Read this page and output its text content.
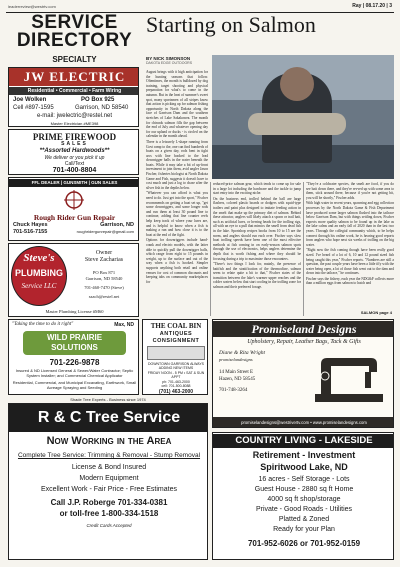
leaderreview@westrtv.com	Ray | 08.17.20 | 3
SERVICE
DIRECTORY
SPECIALTY
JW ELECTRIC
Residential • Commercial • Farm Wiring
Joe Wolken	PO Box 925
Cell #897-1595	Garrison, ND 58540
e-mail: jwelectric@restel.net
Master Electrician #ME398
PRIME FIREWOOD
SALES
**Assorted Hardwoods**
We deliver or you pick it up
Call/Text
701-400-8804
FFL DEALER | GUNSMITH | GUN SALES
Rough Rider Gun Repair
Chuck Hayes	Garrison, ND
701-516-7155	roughridergunrepair@gmail.com
Steve's
PLUMBING
Service LLC
Owner
Steve Zacharias
PO Box 871
Garrison, ND 58540
701-460-7470 (Steve)
szach@restel.net
Master Plumbing License #M60
"Taking the time to do it right"	Max, ND
WILD PRAIRIE
SOLUTIONS
701-226-9878
Insured & ND Licensed General & Sewer/Water Contractor; Septic System Installer; and Commercial Chemical Applicator
Residential, Commercial, and Municipal Excavating, Earthwork, Small Acreage Spraying and Seeding
THE COAL BIN
ANTIQUES
CONSIGNMENT
DOWNTOWN GARRISON ALWAYS ADDING NEW ITEMS
FRIDAY NOON - 5 PM • SAT & SUN APPT
ph: 701-463-2000
cell: 701-500-8088
(701) 463-2000
Shade Tree Experts - Business since 1974
R & C Tree Service
Now Working in the Area
Complete Tree Service: Trimming & Removal - Stump Removal
License & Bond Insured
Modern Equipment
Excellent Work - Fair Price - Free Estimates
Call J.P. Roberge 701-334-0381
or toll-free 1-800-334-1518
Credit Cards Accepted
Starting on Salmon
BY NICK SIMONSON
DAKOTA EDGE OUTDOORS

August brings with it high anticipation for the hunting seasons that follow. Oftentimes, the month is bulldozed by dog training, target shooting and physical preparation for what's to come in the autumn. But in the heat of summer's sweet spot, many sportsmen of all stripes know that action is picking up for salmon fishing opportunity in North Dakota along the face of Garrison Dam and the southern stretches of Lake Sakakawea. The month for chinook salmon fills the gap between the end of July and whatever opening day for our upland or ducks - is circled on the calendar in the month ahead.

There is a leisurely L-shape running from Govt ramp to the, one can find hundreds of boats on a given day, rods bent in tight arcs with line hooked to the lead downrigger balls in the water beneath the boats. While it may take a bit of up-front investment to join them, avid angler Jason Fischer, fisheries biologist at North Dakota Game and Fish, suggests it doesn't have to cost much and just a log to chase after the silver fish in the depths below.

"Whatever you can afford is what you need to do. Just get into the sport," Fischer recommends on getting a boat set up, "get some downriggers, and some longer rods and run them at least 30 pound line to continue, adding that line counter reels help keep track of where your lures are, and is helpful to know when a fish is making a run and how close it is to the boat at the end of the fight.

Options for downriggers include hand-crank and electric models, with the latter able to quickly pull the downrigger balls, which range from eight to 15 pounds in weight, up to the surface and out of the way when a fish is hooked. Simpler supports anything both retail and online venues for cost of common discounts and keeping tabs on community marketplaces for

reduced-price salmon gear, which tends to come up for sale in a large lot including the hardware and the tackle to jump start entry into the exciting niche.

On the business end, trolled behind the ball are large flashers, colored plastic boards or dodgers with squid-type trailers and paint plus designed to imitate feeding action in the smelt that make up the primary diet of salmon. Behind these attractor, anglers will likely attach a spoon or trail bait, such as artificial lures, or herring heads for the trolling rigs, all with an eye to a pull that mimics the smell from dead fish in the lake. Sportshop recipes books from 10 to 15 are the norm, and anglers should run each over. Fischer says slow boat trolling speeds have been one of the most effective methods at fish coming in on early-season salmon spots through the use of electronics, helps anglers determine the depth that is worth fishing and where they should be focusing during a trip to maximize those encounters.

"There's two things I look for, mainly, the presence of baitfish and the stratification of the thermocline, salmon seem to relate quite a bit to that," Fischer states of the transition between the lake's warmer upper reaches and the colder waters below that start cooling in the trolling zone for salmon and their preferred forage.

"They're a coldwater species, the smelt are food, if you do see bait down there, and they're revved up with some area to them, stick around there, because if you're not getting bit, you will be shortly," Fischer adds.

With high water in recent years, spawning and egg collection processes by the North Dakota Game & Fish Department have produced some larger salmon flushed into the tailrace below Garrison Dam, but with things settling down, Fischer expects more quality salmon to be found up in the lake as the lake calms and an early fall of 2020 than in the last two years. Through the collegial community which, to be helps connect through his online work, he is hearing good reports from anglers who hope next six weeks of trolling on the big water.

"Right now the fish coming though have been really good sized. I've heard of a lot of 6, 10 and 12 pound sized fish being caught this year," Fischer reports. "Numbers are still a question, the past couple years have been a little iffy with the water being open, a lot of those fish went out to the dam and down into the tailrace," he continues.

Fischer says the fishery, each year the NDG&F collects more than a million eggs from salmon to hatch and

SALMON page 4
Promiseland Designs
Upholstery, Repair, Leather Bags, Tack & Gifts
Diane & Rita Wright
promiselandesigns
14 Main Street E
Hazen, ND 58545
701-748-3264
promiselandesigns@westrivertv.com • www.promiselandesigns.com
COUNTRY LIVING - LAKESIDE
Retirement - Investment
Spiritwood Lake, ND
16 acres - Self Storage - Lots
Guest House - 2880 sq ft Home
4000 sq ft shop/storage
Private - Good Roads - Utilities
Platted & Zoned
Ready for your Plan
701-952-6026 or 701-952-0159
